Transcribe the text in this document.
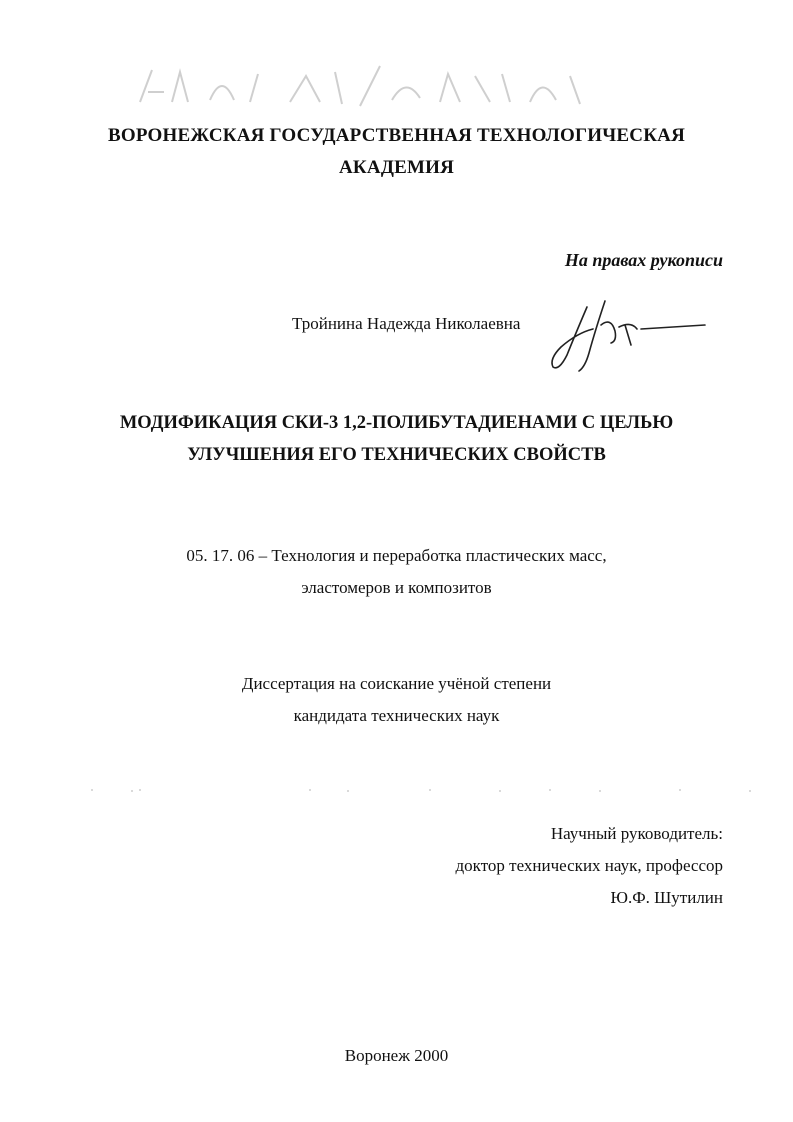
ВОРОНЕЖСКАЯ ГОСУДАРСТВЕННАЯ ТЕХНОЛОГИЧЕСКАЯ
АКАДЕМИЯ
На правах рукописи
Тройнина Надежда Николаевна
МОДИФИКАЦИЯ СКИ-3 1,2-ПОЛИБУТАДИЕНАМИ С ЦЕЛЬЮ
УЛУЧШЕНИЯ ЕГО ТЕХНИЧЕСКИХ СВОЙСТВ
05. 17. 06 – Технология и переработка пластических масс,
эластомеров и композитов
Диссертация на соискание учёной степени
кандидата технических наук
Научный руководитель:
доктор технических наук, профессор
Ю.Ф. Шутилин
Воронеж 2000
